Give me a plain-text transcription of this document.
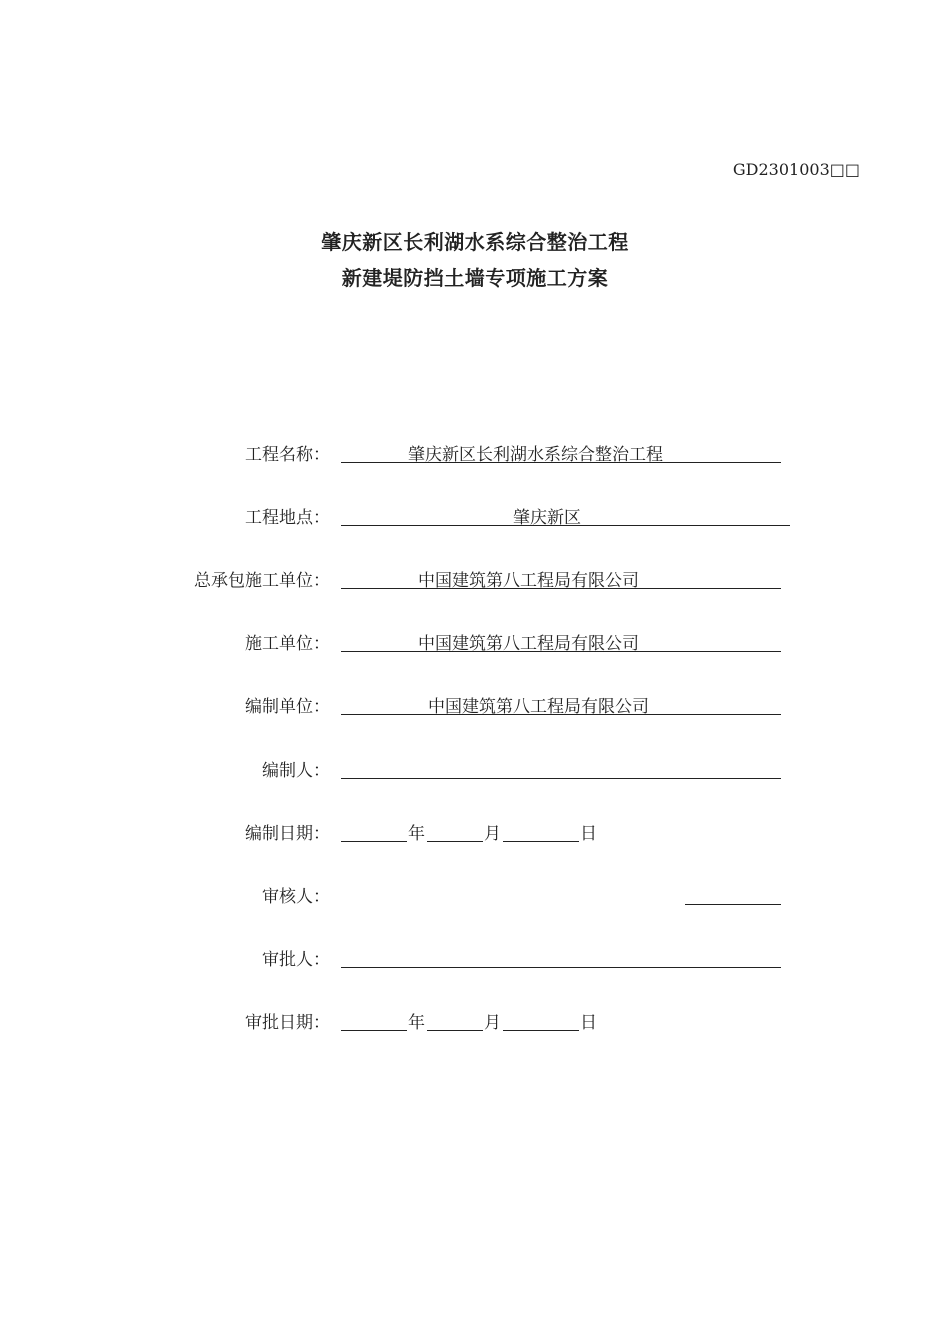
GD2301003□□
肇庆新区长利湖水系综合整治工程
新建堤防挡土墙专项施工方案
工程名称：	肇庆新区长利湖水系综合整治工程
工程地点：	肇庆新区
总承包施工单位：	中国建筑第八工程局有限公司
施工单位：	中国建筑第八工程局有限公司
编制单位：	中国建筑第八工程局有限公司
编制人：
编制日期：	年	月	日
审核人：
审批人：
审批日期：	年	月	日
